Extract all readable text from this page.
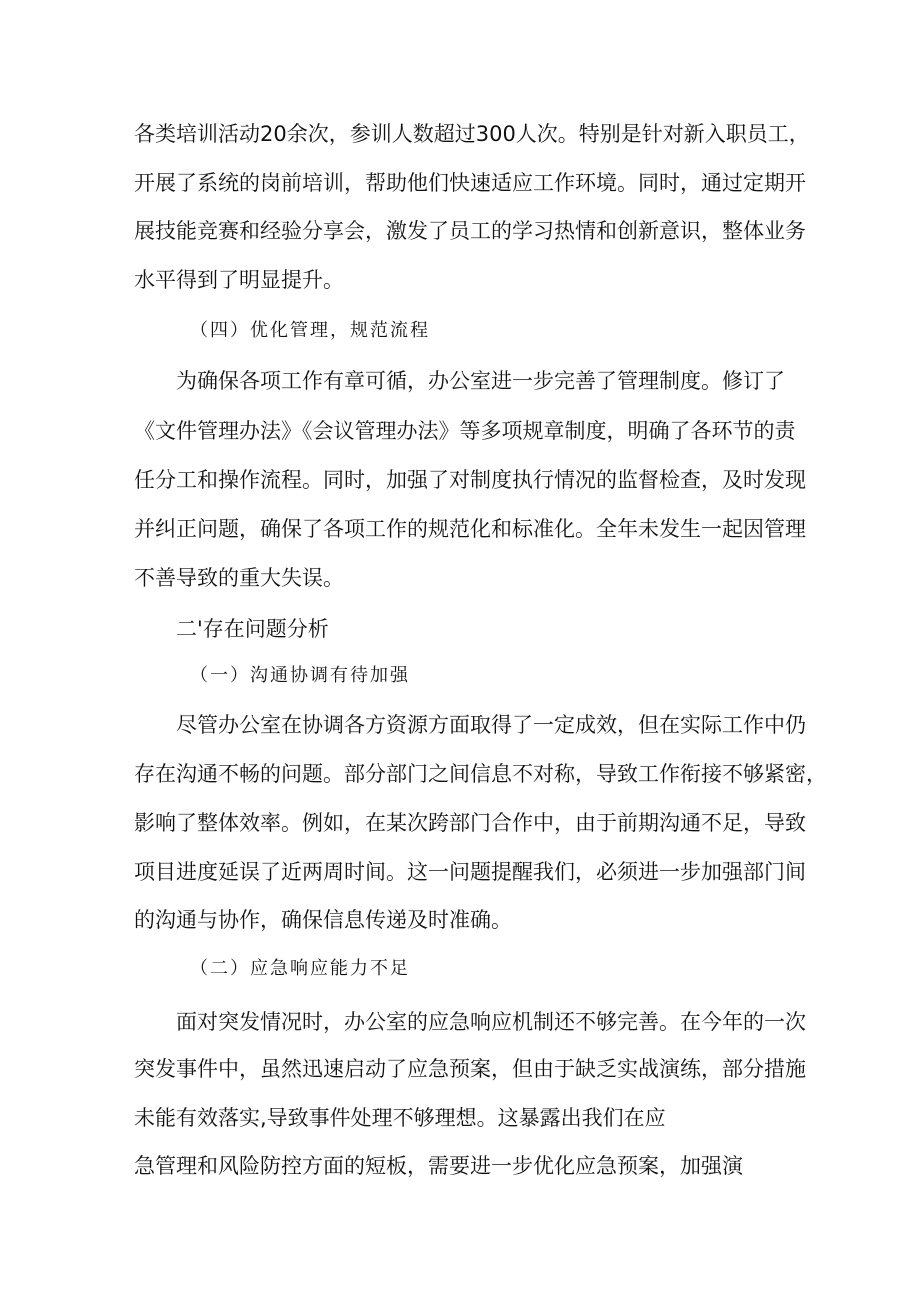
各类培训活动20余次，参训人数超过300人次。特别是针对新入职员工，
开展了系统的岗前培训，帮助他们快速适应工作环境。同时，通过定期开
展技能竞赛和经验分享会，激发了员工的学习热情和创新意识，整体业务
水平得到了明显提升。
（四）优化管理，规范流程
为确保各项工作有章可循，办公室进一步完善了管理制度。修订了
《文件管理办法》《会议管理办法》等多项规章制度，明确了各环节的责
任分工和操作流程。同时，加强了对制度执行情况的监督检查，及时发现
并纠正问题，确保了各项工作的规范化和标准化。全年未发生一起因管理
不善导致的重大失误。
二'存在问题分析
（一）沟通协调有待加强
尽管办公室在协调各方资源方面取得了一定成效，但在实际工作中仍
存在沟通不畅的问题。部分部门之间信息不对称，导致工作衔接不够紧密，
影响了整体效率。例如，在某次跨部门合作中，由于前期沟通不足，导致
项目进度延误了近两周时间。这一问题提醒我们，必须进一步加强部门间
的沟通与协作，确保信息传递及时准确。
（二）应急响应能力不足
面对突发情况时，办公室的应急响应机制还不够完善。在今年的一次
突发事件中，虽然迅速启动了应急预案，但由于缺乏实战演练，部分措施
未能有效落实,导致事件处理不够理想。这暴露出我们在应
急管理和风险防控方面的短板，需要进一步优化应急预案，加强演
